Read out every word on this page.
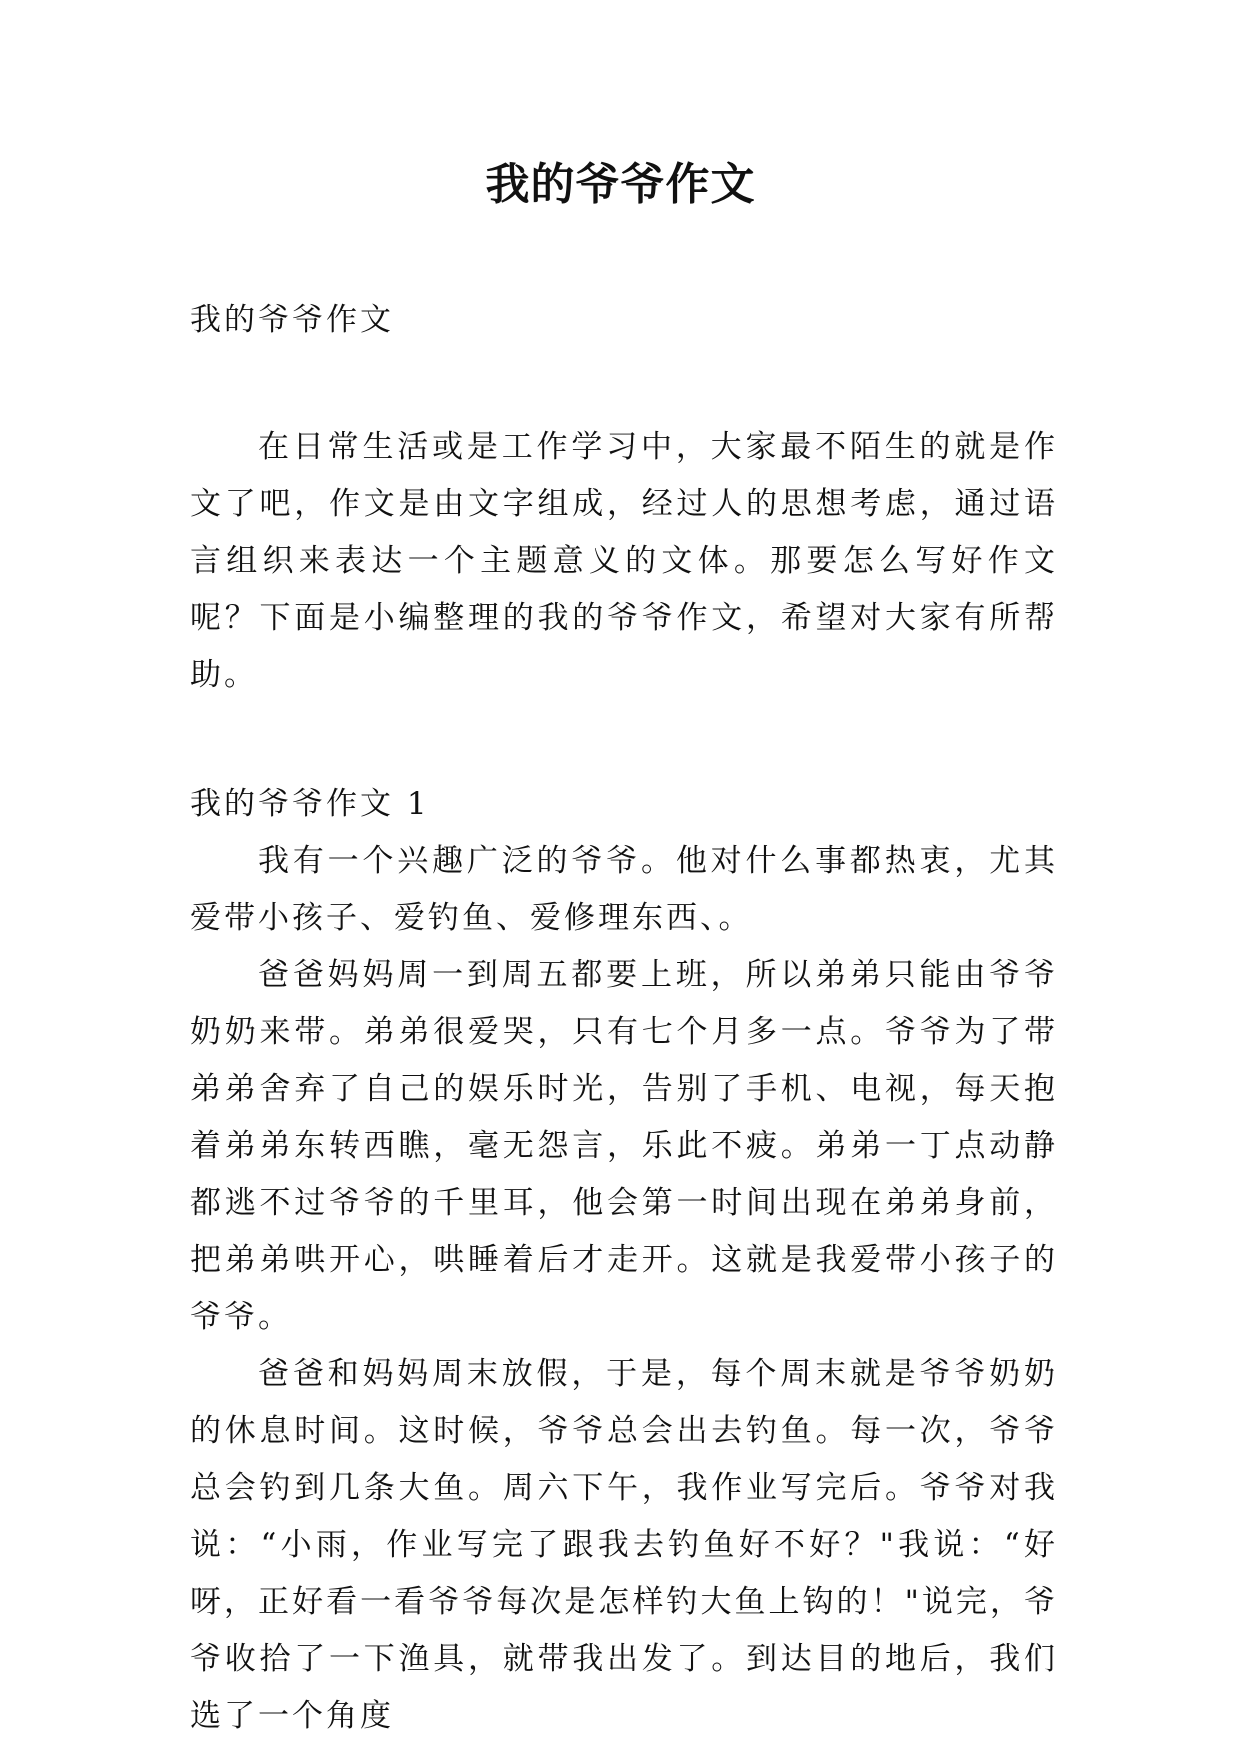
我的爷爷作文

我的爷爷作文

在日常生活或是工作学习中，大家最不陌生的就是作文了吧，作文是由文字组成，经过人的思想考虑，通过语言组织来表达一个主题意义的文体。那要怎么写好作文呢？下面是小编整理的我的爷爷作文，希望对大家有所帮助。

我的爷爷作文 1

我有一个兴趣广泛的爷爷。他对什么事都热衷，尤其爱带小孩子、爱钓鱼、爱修理东西、。

爸爸妈妈周一到周五都要上班，所以弟弟只能由爷爷奶奶来带。弟弟很爱哭，只有七个月多一点。爷爷为了带弟弟舍弃了自己的娱乐时光，告别了手机、电视，每天抱着弟弟东转西瞧，毫无怨言，乐此不疲。弟弟一丁点动静都逃不过爷爷的千里耳，他会第一时间出现在弟弟身前，把弟弟哄开心，哄睡着后才走开。这就是我爱带小孩子的爷爷。

爸爸和妈妈周末放假，于是，每个周末就是爷爷奶奶的休息时间。这时候，爷爷总会出去钓鱼。每一次，爷爷总会钓到几条大鱼。周六下午，我作业写完后。爷爷对我说：“小雨，作业写完了跟我去钓鱼好不好？"我说：“好呀，正好看一看爷爷每次是怎样钓大鱼上钩的！"说完，爷爷收拾了一下渔具，就带我出发了。到达目的地后，我们选了一个角度
